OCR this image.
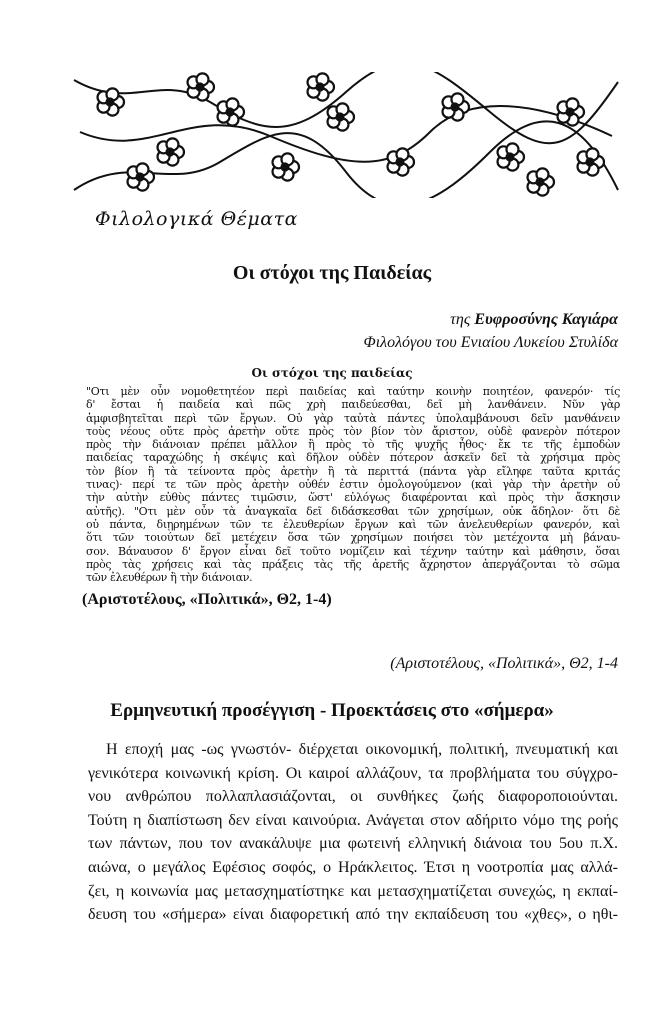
Φιλολογικά Θέματα
Οι στόχοι της Παιδείας
της Ευφροσύνης Καγιάρα
Φιλολόγου του Ενιαίου Λυκείου Στυλίδα
Οι στόχοι της παιδείας
"Οτι μὲν οὖν νομοθετητέον περὶ παιδείας καὶ ταύτην κοινὴν ποιητέον, φανερόν· τίς
δ' ἔσται ἡ παιδεία καὶ πῶς χρὴ παιδεύεσθαι, δεῖ μὴ λανθάνειν. Νῦν γὰρ
ἀμφισβητεῖται περὶ τῶν ἔργων. Οὐ γὰρ ταὐτὰ πάντες ὑπολαμβάνουσι δεῖν μανθάνειν
τοὺς νέους οὔτε πρὸς ἀρετὴν οὔτε πρὸς τὸν βίον τὸν ἄριστον, οὐδὲ φανερὸν πότερον
πρὸς τὴν διάνοιαν πρέπει μᾶλλον ἢ πρὸς τὸ τῆς ψυχῆς ἦθος· ἔκ τε τῆς ἐμποδὼν
παιδείας ταραχώδης ἡ σκέψις καὶ δῆλον οὐδὲν πότερον ἀσκεῖν δεῖ τὰ χρήσιμα πρὸς
τὸν βίον ἢ τὰ τείνοντα πρὸς ἀρετὴν ἢ τὰ περιττά (πάντα γὰρ εἴληφε ταῦτα κριτάς
τινας)· περί τε τῶν πρὸς ἀρετὴν οὐθέν ἐστιν ὁμολογούμενον (καὶ γὰρ τὴν ἀρετὴν οὐ
τὴν αὐτὴν εὐθὺς πάντες τιμῶσιν, ὥστ' εὐλόγως διαφέρονται καὶ πρὸς τὴν ἄσκησιν
αὐτῆς). "Οτι μὲν οὖν τὰ ἀναγκαῖα δεῖ διδάσκεσθαι τῶν χρησίμων, οὐκ ἄδηλον· ὅτι δὲ
οὐ πάντα, διῃρημένων τῶν τε ἐλευθερίων ἔργων καὶ τῶν ἀνελευθερίων φανερόν, καὶ
ὅτι τῶν τοιούτων δεῖ μετέχειν ὅσα τῶν χρησίμων ποιήσει τὸν μετέχοντα μὴ βάναυ-
σον. Βάναυσον δ' ἔργον εἶναι δεῖ τοῦτο νομίζειν καὶ τέχνην ταύτην καὶ μάθησιν, ὅσαι
πρὸς τὰς χρήσεις καὶ τὰς πράξεις τὰς τῆς ἀρετῆς ἄχρηστον ἀπεργάζονται τὸ σῶμα
τῶν ἐλευθέρων ἢ τὴν διάνοιαν.
(Αριστοτέλους, «Πολιτικά», Θ2, 1-4)
(Αριστοτέλους, «Πολιτικά», Θ2, 1-4
Ερμηνευτική προσέγγιση - Προεκτάσεις στο «σήμερα»
Η εποχή μας -ως γνωστόν- διέρχεται οικονομική, πολιτική, πνευματική και
γενικότερα κοινωνική κρίση. Οι καιροί αλλάζουν, τα προβλήματα του σύγχρο-
νου ανθρώπου πολλαπλασιάζονται, οι συνθήκες ζωής διαφοροποιούνται.
Τούτη η διαπίστωση δεν είναι καινούρια. Ανάγεται στον αδήριτο νόμο της ροής
των πάντων, που τον ανακάλυψε μια φωτεινή ελληνική διάνοια του 5ου π.Χ.
αιώνα, ο μεγάλος Εφέσιος σοφός, ο Ηράκλειτος. Έτσι η νοοτροπία μας αλλά-
ζει, η κοινωνία μας μετασχηματίστηκε και μετασχηματίζεται συνεχώς, η εκπαί-
δευση του «σήμερα» είναι διαφορετική από την εκπαίδευση του «χθες», ο ηθι-
